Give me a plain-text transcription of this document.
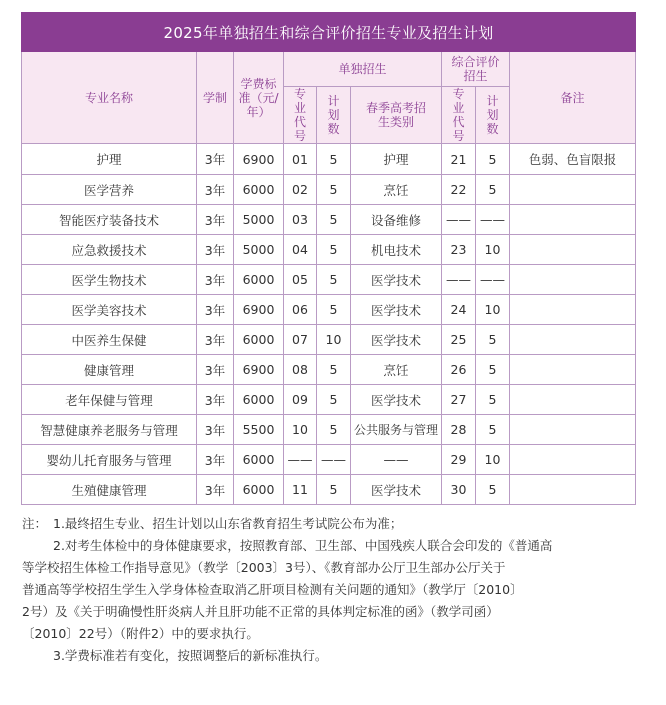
2025年单独招生和综合评价招生专业及招生计划								
专业名称	学制	学费标准（元/年）	单独招生			综合评价招生		备注
			专业代号	计划数	春季高考招生类别	专业代号	计划数	
护理	3年	6900	01	5	护理	21	5	色弱、色盲限报
医学营养	3年	6000	02	5	烹饪	22	5	
智能医疗装备技术	3年	5000	03	5	设备维修	——	——	
应急救援技术	3年	5000	04	5	机电技术	23	10	
医学生物技术	3年	6000	05	5	医学技术	——	——	
医学美容技术	3年	6900	06	5	医学技术	24	10	
中医养生保健	3年	6000	07	10	医学技术	25	5	
健康管理	3年	6900	08	5	烹饪	26	5	
老年保健与管理	3年	6000	09	5	医学技术	27	5	
智慧健康养老服务与管理	3年	5500	10	5	公共服务与管理	28	5	
婴幼儿托育服务与管理	3年	6000	——	——	——	29	10	
生殖健康管理	3年	6000	11	5	医学技术	30	5	

注： 1.最终招生专业、招生计划以山东省教育招生考试院公布为准；

2.对考生体检中的身体健康要求，按照教育部、卫生部、中国残疾人联合会印发的《普通高

等学校招生体检工作指导意见》（教学〔2003〕3号）、《教育部办公厅卫生部办公厅关于

普通高等学校招生学生入学身体检查取消乙肝项目检测有关问题的通知》（教学厅〔2010〕

2号）及《关于明确慢性肝炎病人并且肝功能不正常的具体判定标准的函》（教学司函）

〔2010〕22号）（附件2）中的要求执行。

3.学费标准若有变化，按照调整后的新标准执行。
